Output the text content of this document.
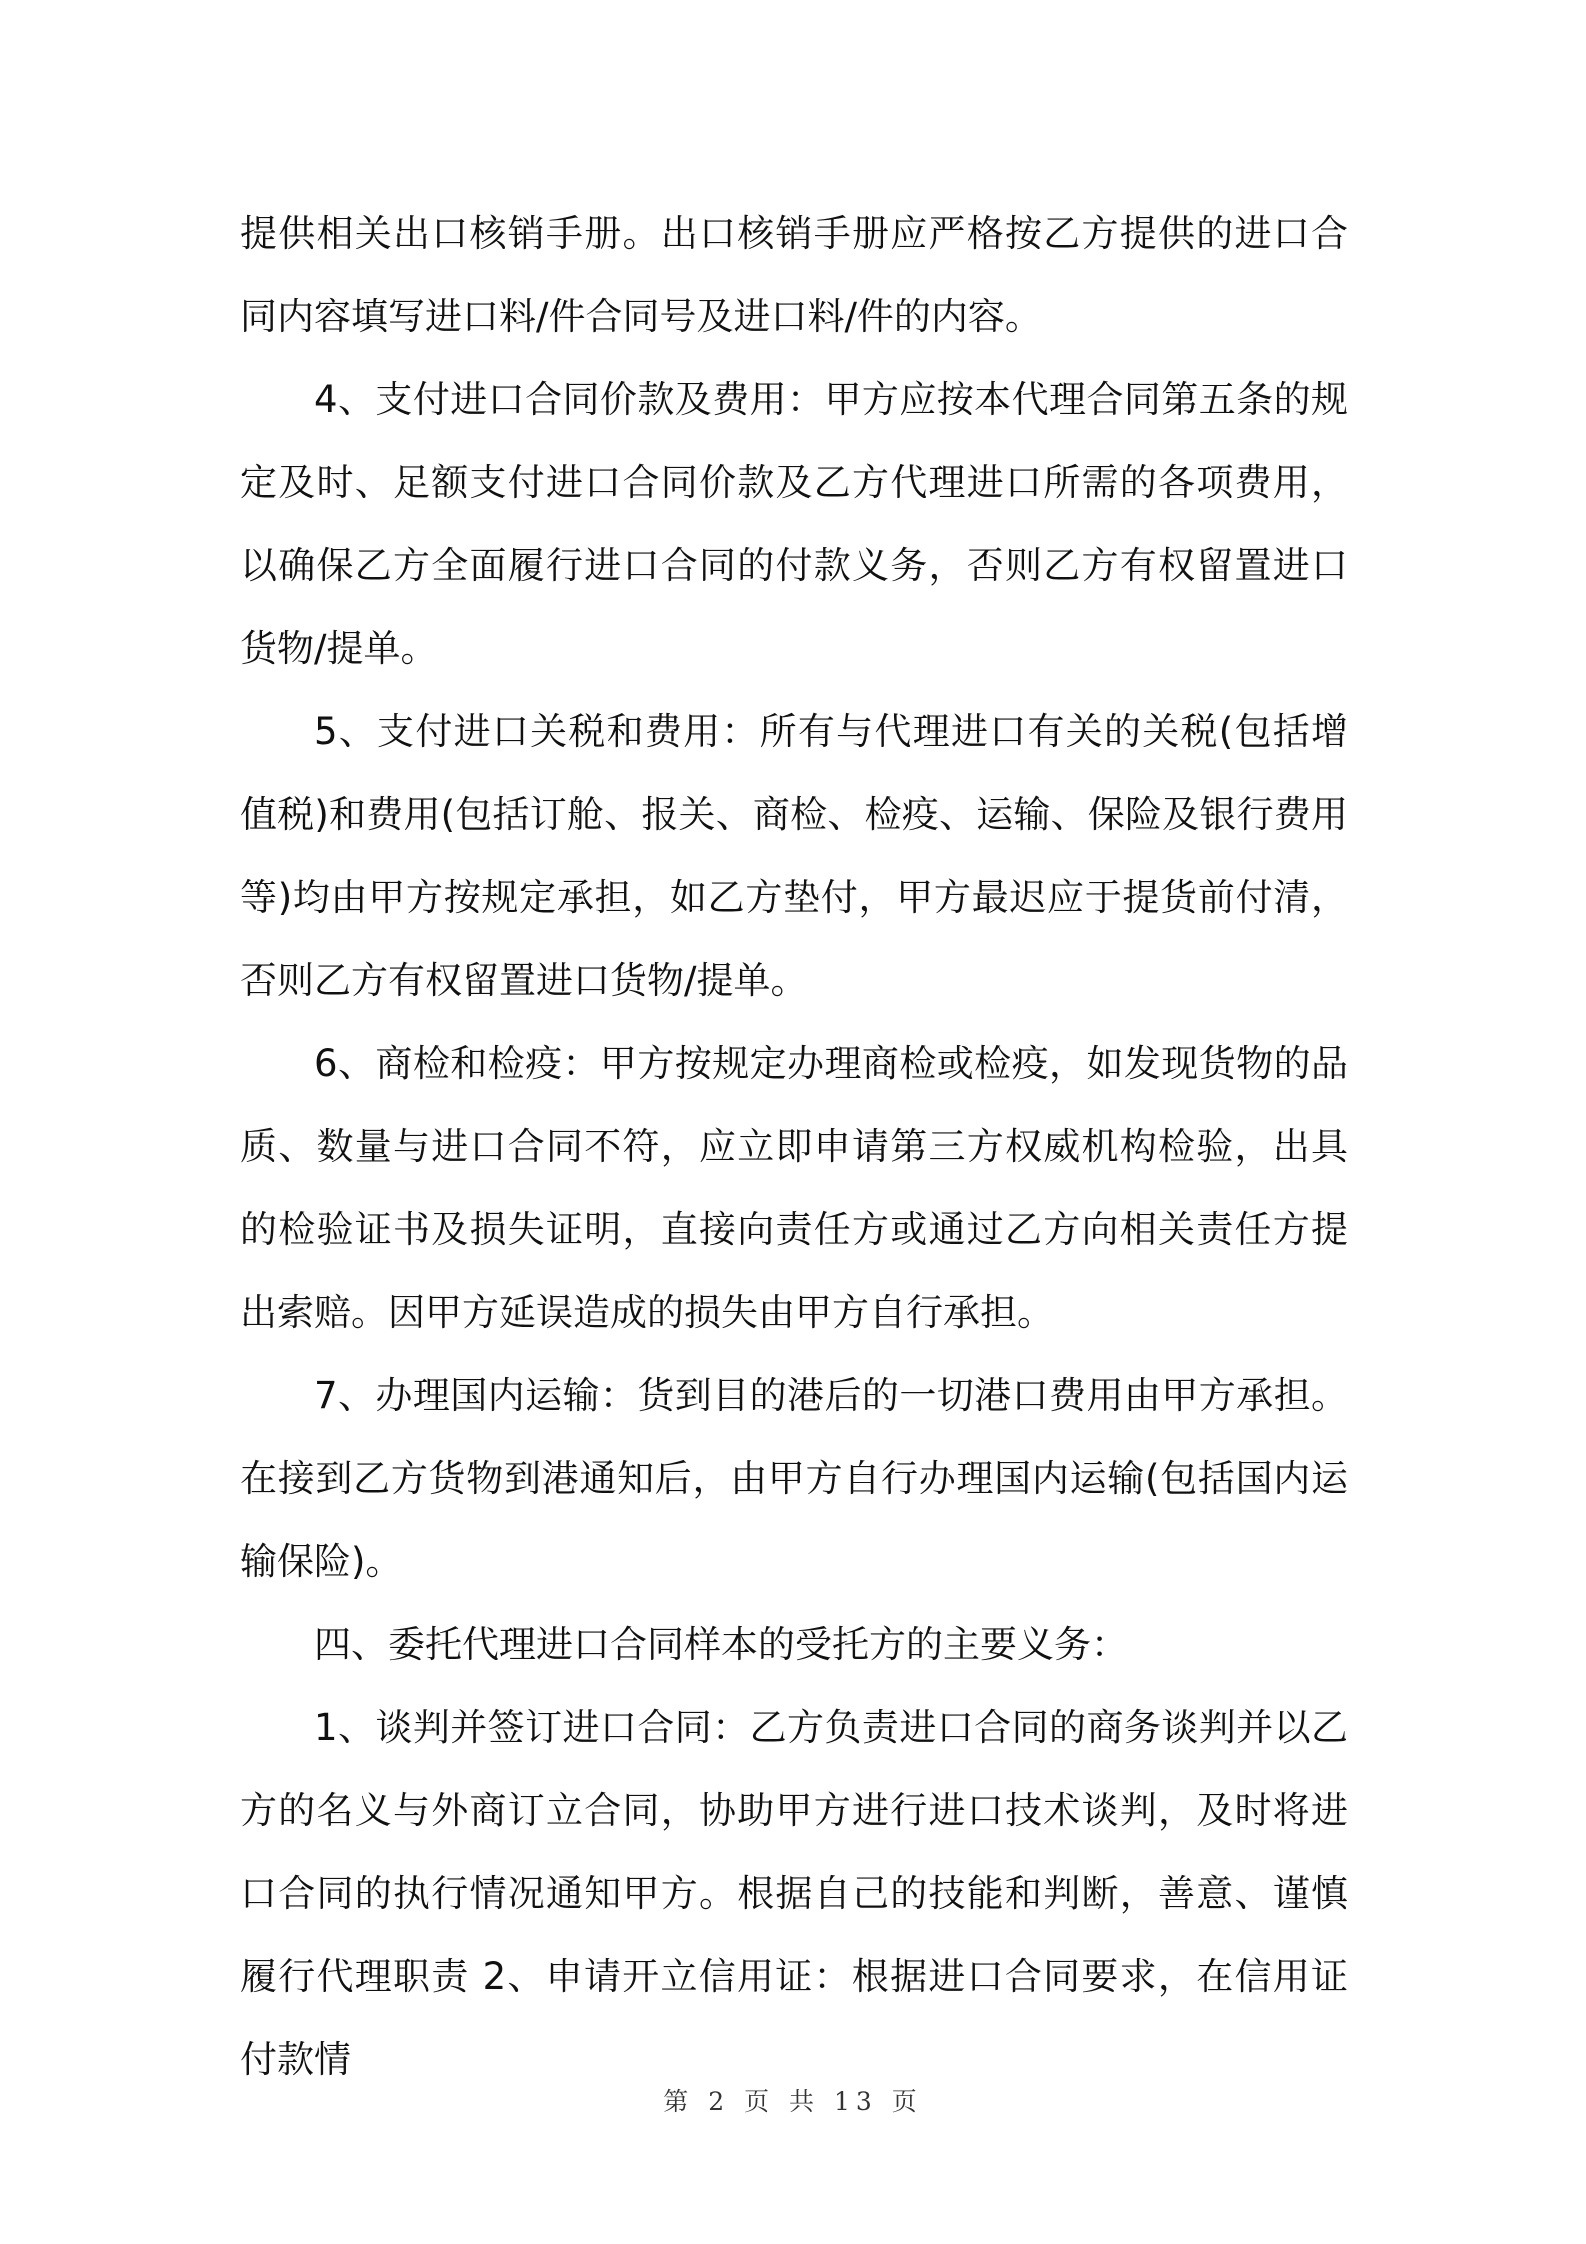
提供相关出口核销手册。出口核销手册应严格按乙方提供的进口合同内容填写进口料/件合同号及进口料/件的内容。

4、支付进口合同价款及费用：甲方应按本代理合同第五条的规定及时、足额支付进口合同价款及乙方代理进口所需的各项费用，以确保乙方全面履行进口合同的付款义务，否则乙方有权留置进口货物/提单。

5、支付进口关税和费用：所有与代理进口有关的关税(包括增值税)和费用(包括订舱、报关、商检、检疫、运输、保险及银行费用等)均由甲方按规定承担，如乙方垫付，甲方最迟应于提货前付清，否则乙方有权留置进口货物/提单。

6、商检和检疫：甲方按规定办理商检或检疫，如发现货物的品质、数量与进口合同不符，应立即申请第三方权威机构检验，出具的检验证书及损失证明，直接向责任方或通过乙方向相关责任方提出索赔。因甲方延误造成的损失由甲方自行承担。

7、办理国内运输：货到目的港后的一切港口费用由甲方承担。在接到乙方货物到港通知后，由甲方自行办理国内运输(包括国内运输保险)。

四、委托代理进口合同样本的受托方的主要义务：

1、谈判并签订进口合同：乙方负责进口合同的商务谈判并以乙方的名义与外商订立合同，协助甲方进行进口技术谈判，及时将进口合同的执行情况通知甲方。根据自己的技能和判断，善意、谨慎履行代理职责 2、申请开立信用证：根据进口合同要求，在信用证付款情

第 2 页 共 13 页
